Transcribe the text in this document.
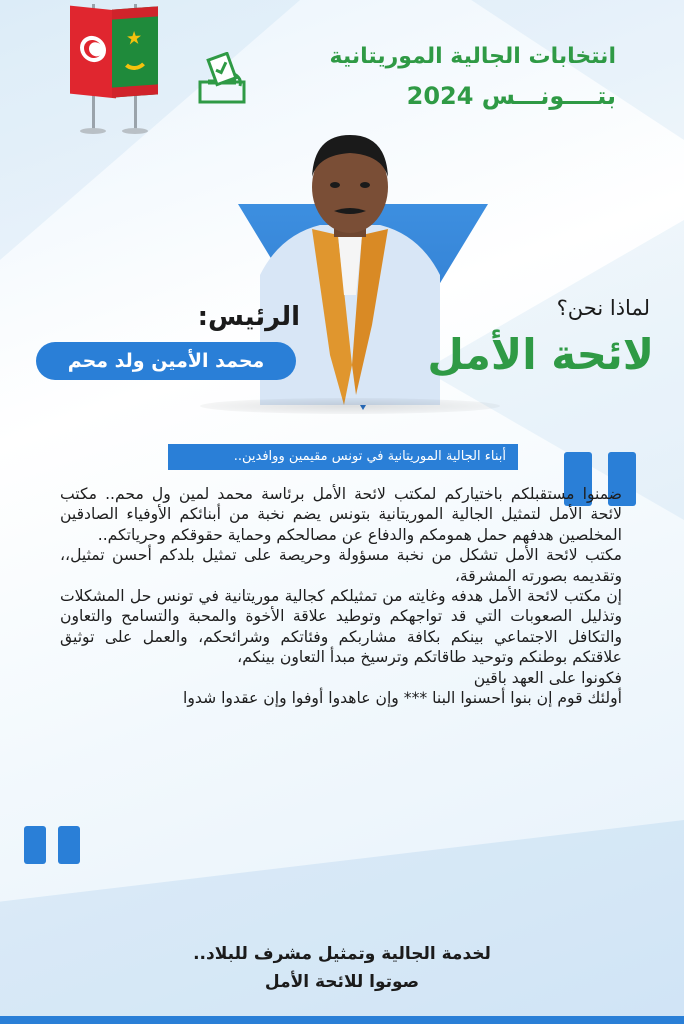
★
انتخابات الجالية الموريتانية
بتــــونـــس 2024
الرئيس:
محمد الأمين ولد محم
لماذا نحن؟
لائحة الأمل
أبناء الجالية الموريتانية في تونس مقيمين ووافدين..

ضمنوا مستقبلكم باختياركم لمكتب لائحة الأمل برئاسة محمد لمين ول محم.. مكتب لائحة الأمل لتمثيل الجالية الموريتانية بتونس يضم نخبة من أبنائكم الأوفياء الصادقين المخلصين هدفهم حمل همومكم والدفاع عن مصالحكم وحماية حقوقكم وحرياتكم..

مكتب لائحة الأمل تشكل من نخبة مسؤولة وحريصة على تمثيل بلدكم أحسن تمثيل،، وتقديمه بصورته المشرقة،

إن مكتب لائحة الأمل هدفه وغايته من تمثيلكم كجالية موريتانية في تونس حل المشكلات وتذليل الصعوبات التي قد تواجهكم وتوطيد علاقة الأخوة والمحبة والتسامح والتعاون والتكافل الاجتماعي بينكم بكافة مشاربكم وفئاتكم وشرائحكم، والعمل على توثيق علاقتكم بوطنكم وتوحيد طاقاتكم وترسيخ مبدأ التعاون بينكم،

فكونوا على العهد باقين

أولئك قوم إن بنوا أحسنوا البنا *** وإن عاهدوا أوفوا وإن عقدوا شدوا

لخدمة الجالية وتمثيل مشرف للبلاد..
صوتوا للائحة الأمل
